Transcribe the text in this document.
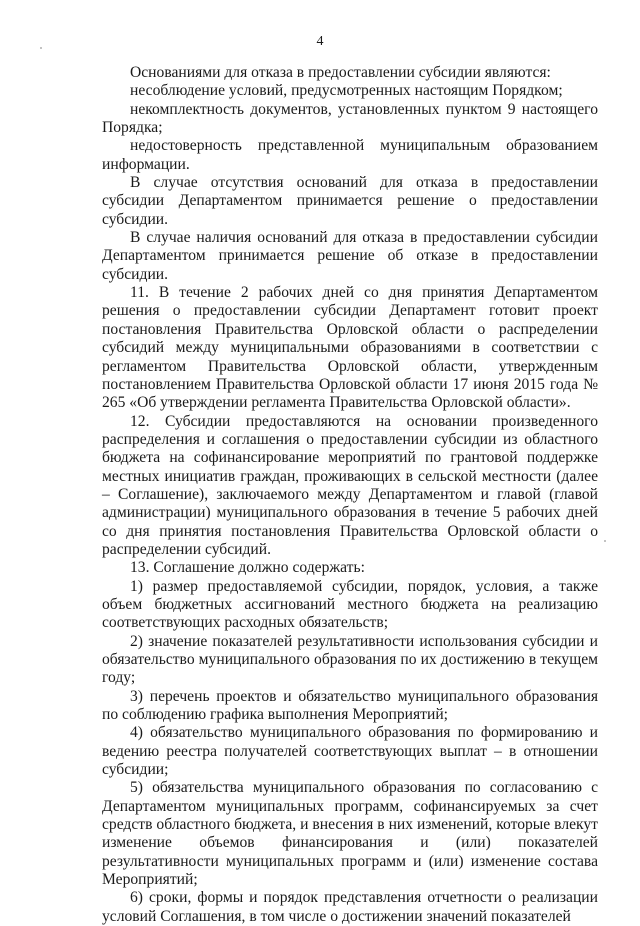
4

Основаниями для отказа в предоставлении субсидии являются:

несоблюдение условий, предусмотренных настоящим Порядком;

некомплектность документов, установленных пунктом 9 настоящего Порядка;

недостоверность представленной муниципальным образованием информации.

В случае отсутствия оснований для отказа в предоставлении субсидии Департаментом принимается решение о предоставлении субсидии.

В случае наличия оснований для отказа в предоставлении субсидии Департаментом принимается решение об отказе в предоставлении субсидии.

11. В течение 2 рабочих дней со дня принятия Департаментом решения о предоставлении субсидии Департамент готовит проект постановления Правительства Орловской области о распределении субсидий между муниципальными образованиями в соответствии с регламентом Правительства Орловской области, утвержденным постановлением Правительства Орловской области 17 июня 2015 года № 265 «Об утверждении регламента Правительства Орловской области».

12. Субсидии предоставляются на основании произведенного распределения и соглашения о предоставлении субсидии из областного бюджета на софинансирование мероприятий по грантовой поддержке местных инициатив граждан, проживающих в сельской местности (далее – Соглашение), заключаемого между Департаментом и главой (главой администрации) муниципального образования в течение 5 рабочих дней со дня принятия постановления Правительства Орловской области о распределении субсидий.

13. Соглашение должно содержать:

1) размер предоставляемой субсидии, порядок, условия, а также объем бюджетных ассигнований местного бюджета на реализацию соответствующих расходных обязательств;

2) значение показателей результативности использования субсидии и обязательство муниципального образования по их достижению в текущем году;

3) перечень проектов и обязательство муниципального образования по соблюдению графика выполнения Мероприятий;

4) обязательство муниципального образования по формированию и ведению реестра получателей соответствующих выплат – в отношении субсидии;

5) обязательства муниципального образования по согласованию с Департаментом муниципальных программ, софинансируемых за счет средств областного бюджета, и внесения в них изменений, которые влекут изменение объемов финансирования и (или) показателей результативности муниципальных программ и (или) изменение состава Мероприятий;

6) сроки, формы и порядок представления отчетности о реализации условий Соглашения, в том числе о достижении значений показателей
